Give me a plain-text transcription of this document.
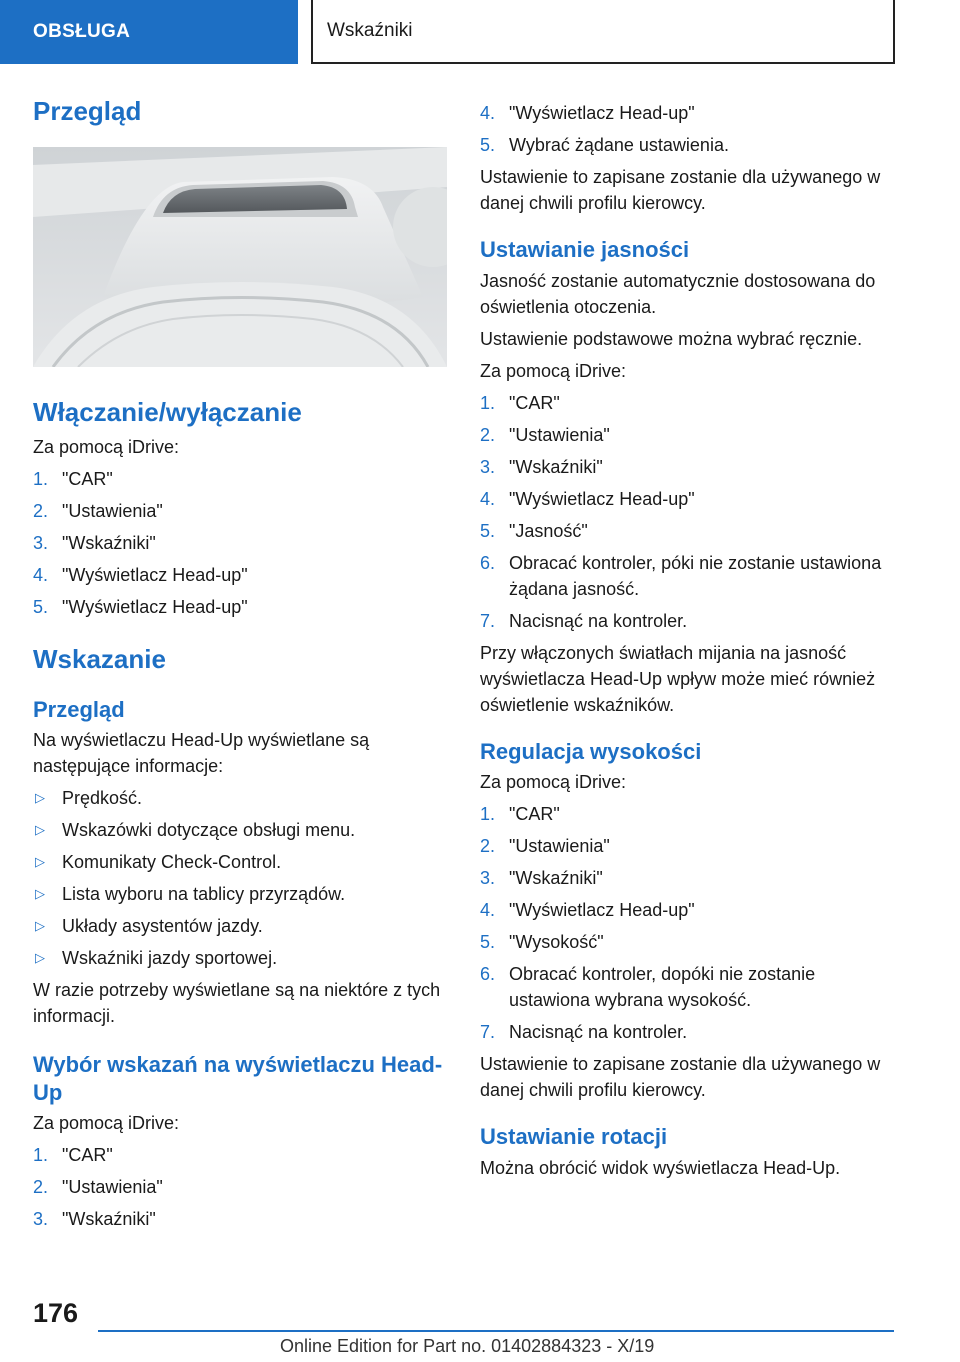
OBSŁUGA	Wskaźniki
Przegląd
Włączanie/wyłączanie

Za pomocą iDrive:

1. "CAR"
2. "Ustawienia"
3. "Wskaźniki"
4. "Wyświetlacz Head-up"
5. "Wyświetlacz Head-up"
Wskazanie
Przegląd

Na wyświetlaczu Head-Up wyświetlane są następujące informacje:

▷ Prędkość.
▷ Wskazówki dotyczące obsługi menu.
▷ Komunikaty Check-Control.
▷ Lista wyboru na tablicy przyrządów.
▷ Układy asystentów jazdy.
▷ Wskaźniki jazdy sportowej.

W razie potrzeby wyświetlane są na niektóre z tych informacji.

Wybór wskazań na wyświetlaczu Head-Up

Za pomocą iDrive:

1. "CAR"
2. "Ustawienia"
3. "Wskaźniki"
4. "Wyświetlacz Head-up"
5. Wybrać żądane ustawienia.

Ustawienie to zapisane zostanie dla używanego w danej chwili profilu kierowcy.

Ustawianie jasności

Jasność zostanie automatycznie dostosowana do oświetlenia otoczenia.

Ustawienie podstawowe można wybrać ręcznie.

Za pomocą iDrive:

1. "CAR"
2. "Ustawienia"
3. "Wskaźniki"
4. "Wyświetlacz Head-up"
5. "Jasność"
6. Obracać kontroler, póki nie zostanie ustawiona żądana jasność.
7. Nacisnąć na kontroler.

Przy włączonych światłach mijania na jasność wyświetlacza Head-Up wpływ może mieć również oświetlenie wskaźników.

Regulacja wysokości

Za pomocą iDrive:

1. "CAR"
2. "Ustawienia"
3. "Wskaźniki"
4. "Wyświetlacz Head-up"
5. "Wysokość"
6. Obracać kontroler, dopóki nie zostanie ustawiona wybrana wysokość.
7. Nacisnąć na kontroler.

Ustawienie to zapisane zostanie dla używanego w danej chwili profilu kierowcy.

Ustawianie rotacji

Można obrócić widok wyświetlacza Head-Up.

176
Online Edition for Part no. 01402884323 - X/19
